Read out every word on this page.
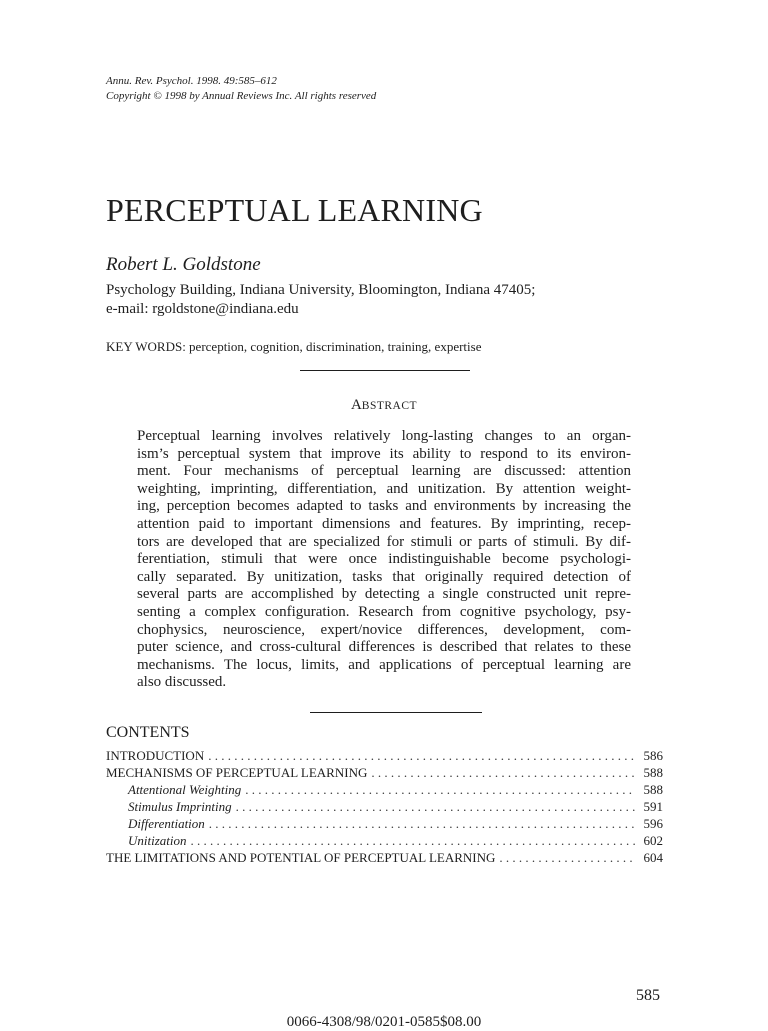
Annu. Rev. Psychol. 1998. 49:585–612
Copyright © 1998 by Annual Reviews Inc. All rights reserved
PERCEPTUAL LEARNING
Robert L. Goldstone
Psychology Building, Indiana University, Bloomington, Indiana 47405;
e-mail: rgoldstone@indiana.edu
KEY WORDS: perception, cognition, discrimination, training, expertise
ABSTRACT
Perceptual learning involves relatively long-lasting changes to an organ-
ism’s perceptual system that improve its ability to respond to its environ-
ment. Four mechanisms of perceptual learning are discussed: attention
weighting, imprinting, differentiation, and unitization. By attention weight-
ing, perception becomes adapted to tasks and environments by increasing the
attention paid to important dimensions and features. By imprinting, recep-
tors are developed that are specialized for stimuli or parts of stimuli. By dif-
ferentiation, stimuli that were once indistinguishable become psychologi-
cally separated. By unitization, tasks that originally required detection of
several parts are accomplished by detecting a single constructed unit repre-
senting a complex configuration. Research from cognitive psychology, psy-
chophysics, neuroscience, expert/novice differences, development, com-
puter science, and cross-cultural differences is described that relates to these
mechanisms. The locus, limits, and applications of perceptual learning are
also discussed.
CONTENTS
INTRODUCTION . . .	586
MECHANISMS OF PERCEPTUAL LEARNING . . .	588
Attentional Weighting . . .	588
Stimulus Imprinting . . .	591
Differentiation . . .	596
Unitization . . .	602
THE LIMITATIONS AND POTENTIAL OF PERCEPTUAL LEARNING . . .	604
585
0066-4308/98/0201-0585$08.00
